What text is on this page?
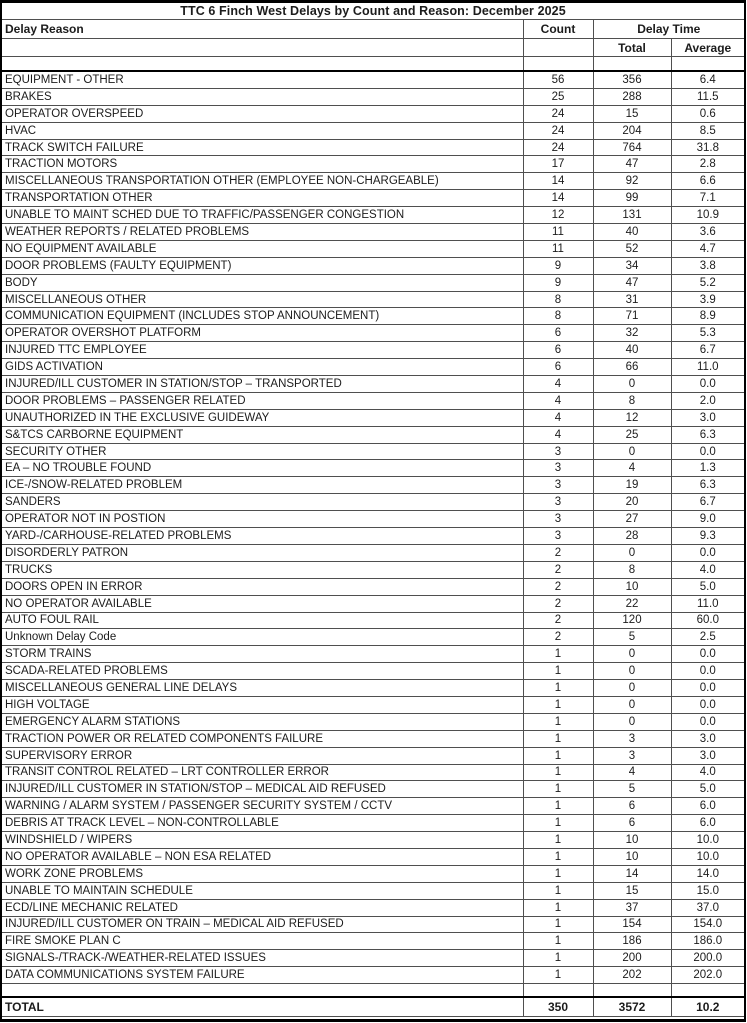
TTC 6 Finch West Delays by Count and Reason: December 2025			
Delay Reason	Count	Delay Time	
		Total	Average

EQUIPMENT - OTHER	56	356	6.4
BRAKES	25	288	11.5
OPERATOR OVERSPEED	24	15	0.6
HVAC	24	204	8.5
TRACK SWITCH FAILURE	24	764	31.8
TRACTION MOTORS	17	47	2.8
MISCELLANEOUS TRANSPORTATION OTHER (EMPLOYEE NON-CHARGEABLE)	14	92	6.6
TRANSPORTATION OTHER	14	99	7.1
UNABLE TO MAINT SCHED DUE TO TRAFFIC/PASSENGER CONGESTION	12	131	10.9
WEATHER REPORTS / RELATED PROBLEMS	11	40	3.6
NO EQUIPMENT AVAILABLE	11	52	4.7
DOOR PROBLEMS (FAULTY EQUIPMENT)	9	34	3.8
BODY	9	47	5.2
MISCELLANEOUS OTHER	8	31	3.9
COMMUNICATION EQUIPMENT (INCLUDES STOP ANNOUNCEMENT)	8	71	8.9
OPERATOR OVERSHOT PLATFORM	6	32	5.3
INJURED TTC EMPLOYEE	6	40	6.7
GIDS ACTIVATION	6	66	11.0
INJURED/ILL CUSTOMER IN STATION/STOP – TRANSPORTED	4	0	0.0
DOOR PROBLEMS – PASSENGER RELATED	4	8	2.0
UNAUTHORIZED IN THE EXCLUSIVE GUIDEWAY	4	12	3.0
S&TCS CARBORNE EQUIPMENT	4	25	6.3
SECURITY OTHER	3	0	0.0
EA – NO TROUBLE FOUND	3	4	1.3
ICE-/SNOW-RELATED PROBLEM	3	19	6.3
SANDERS	3	20	6.7
OPERATOR NOT IN POSTION	3	27	9.0
YARD-/CARHOUSE-RELATED PROBLEMS	3	28	9.3
DISORDERLY PATRON	2	0	0.0
TRUCKS	2	8	4.0
DOORS OPEN IN ERROR	2	10	5.0
NO OPERATOR AVAILABLE	2	22	11.0
AUTO FOUL RAIL	2	120	60.0
Unknown Delay Code	2	5	2.5
STORM TRAINS	1	0	0.0
SCADA-RELATED PROBLEMS	1	0	0.0
MISCELLANEOUS GENERAL LINE DELAYS	1	0	0.0
HIGH VOLTAGE	1	0	0.0
EMERGENCY ALARM STATIONS	1	0	0.0
TRACTION POWER OR RELATED COMPONENTS FAILURE	1	3	3.0
SUPERVISORY ERROR	1	3	3.0
TRANSIT CONTROL RELATED – LRT CONTROLLER ERROR	1	4	4.0
INJURED/ILL CUSTOMER IN STATION/STOP – MEDICAL AID REFUSED	1	5	5.0
WARNING / ALARM SYSTEM / PASSENGER SECURITY SYSTEM / CCTV	1	6	6.0
DEBRIS AT TRACK LEVEL – NON-CONTROLLABLE	1	6	6.0
WINDSHIELD / WIPERS	1	10	10.0
NO OPERATOR AVAILABLE – NON ESA RELATED	1	10	10.0
WORK ZONE PROBLEMS	1	14	14.0
UNABLE TO MAINTAIN SCHEDULE	1	15	15.0
ECD/LINE MECHANIC RELATED	1	37	37.0
INJURED/ILL CUSTOMER ON TRAIN – MEDICAL AID REFUSED	1	154	154.0
FIRE SMOKE PLAN C	1	186	186.0
SIGNALS-/TRACK-/WEATHER-RELATED ISSUES	1	200	200.0
DATA COMMUNICATIONS SYSTEM FAILURE	1	202	202.0

TOTAL	350	3572	10.2
